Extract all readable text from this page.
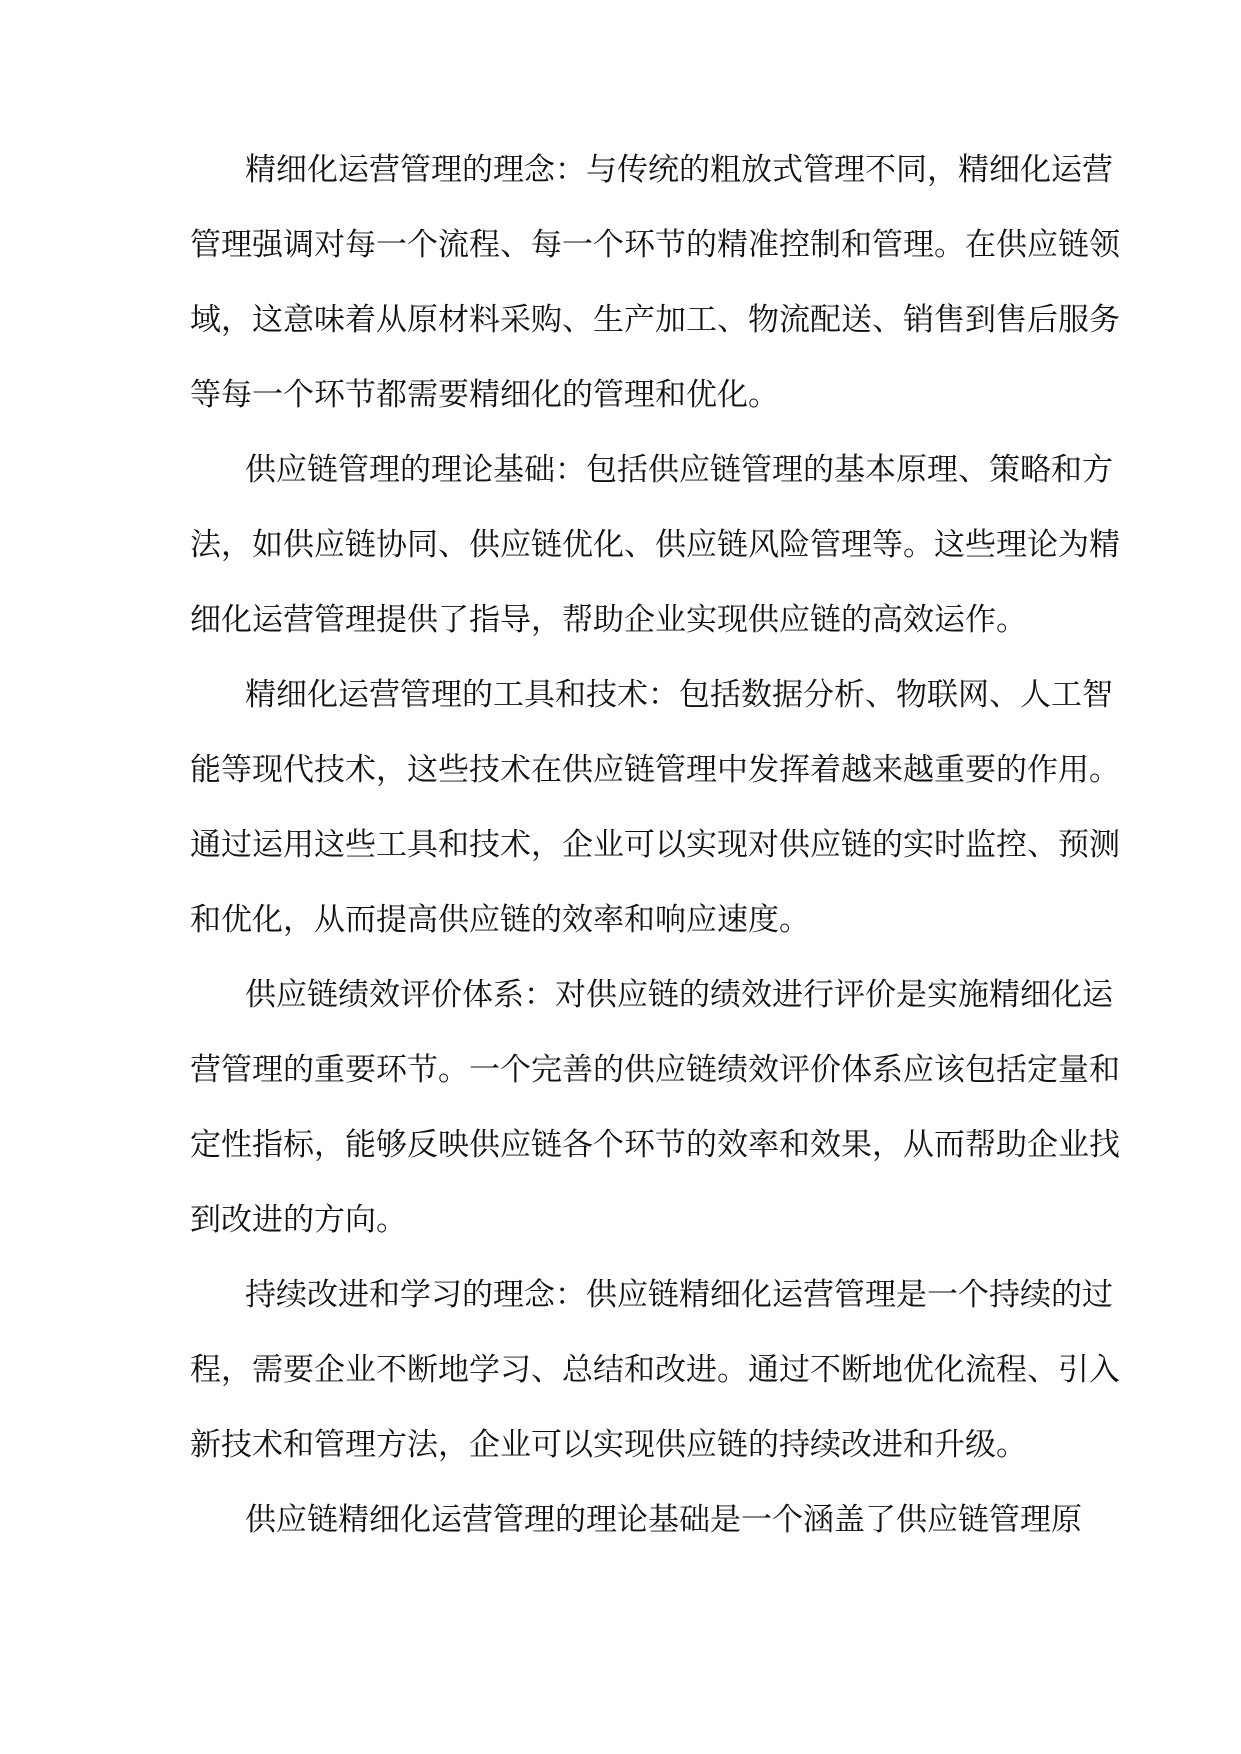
精细化运营管理的理念：与传统的粗放式管理不同，精细化运营
管理强调对每一个流程、每一个环节的精准控制和管理。在供应链领
域，这意味着从原材料采购、生产加工、物流配送、销售到售后服务
等每一个环节都需要精细化的管理和优化。
供应链管理的理论基础：包括供应链管理的基本原理、策略和方
法，如供应链协同、供应链优化、供应链风险管理等。这些理论为精
细化运营管理提供了指导，帮助企业实现供应链的高效运作。
精细化运营管理的工具和技术：包括数据分析、物联网、人工智
能等现代技术，这些技术在供应链管理中发挥着越来越重要的作用。
通过运用这些工具和技术，企业可以实现对供应链的实时监控、预测
和优化，从而提高供应链的效率和响应速度。
供应链绩效评价体系：对供应链的绩效进行评价是实施精细化运
营管理的重要环节。一个完善的供应链绩效评价体系应该包括定量和
定性指标，能够反映供应链各个环节的效率和效果，从而帮助企业找
到改进的方向。
持续改进和学习的理念：供应链精细化运营管理是一个持续的过
程，需要企业不断地学习、总结和改进。通过不断地优化流程、引入
新技术和管理方法，企业可以实现供应链的持续改进和升级。
供应链精细化运营管理的理论基础是一个涵盖了供应链管理原
